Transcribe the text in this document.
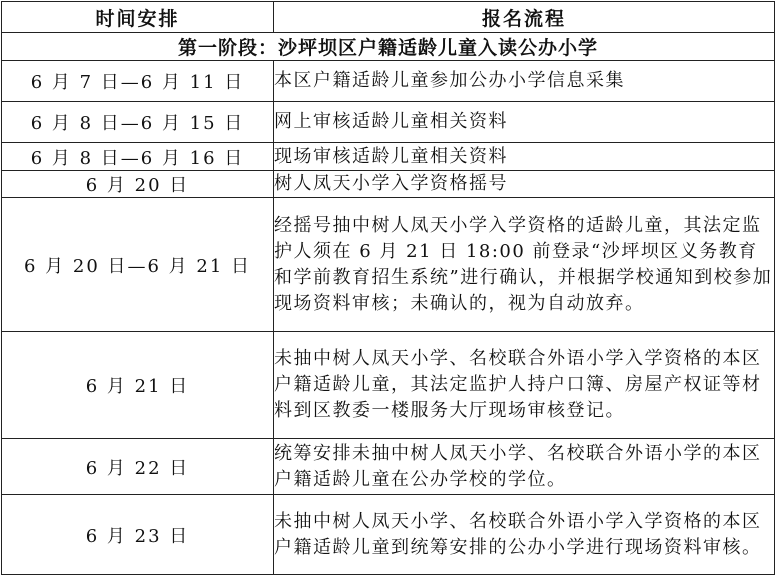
时间安排	报名流程
第一阶段：沙坪坝区户籍适龄儿童入读公办小学	
6 月 7 日—6 月 11 日	本区户籍适龄儿童参加公办小学信息采集
6 月 8 日—6 月 15 日	网上审核适龄儿童相关资料
6 月 8 日—6 月 16 日	现场审核适龄儿童相关资料
6 月 20 日	树人凤天小学入学资格摇号
6 月 20 日—6 月 21 日	经摇号抽中树人凤天小学入学资格的适龄儿童，其法定监护人须在 6 月 21 日 18:00 前登录“沙坪坝区义务教育和学前教育招生系统”进行确认，并根据学校通知到校参加现场资料审核；未确认的，视为自动放弃。
6 月 21 日	未抽中树人凤天小学、名校联合外语小学入学资格的本区户籍适龄儿童，其法定监护人持户口簿、房屋产权证等材料到区教委一楼服务大厅现场审核登记。
6 月 22 日	统筹安排未抽中树人凤天小学、名校联合外语小学的本区户籍适龄儿童在公办学校的学位。
6 月 23 日	未抽中树人凤天小学、名校联合外语小学入学资格的本区户籍适龄儿童到统筹安排的公办小学进行现场资料审核。
